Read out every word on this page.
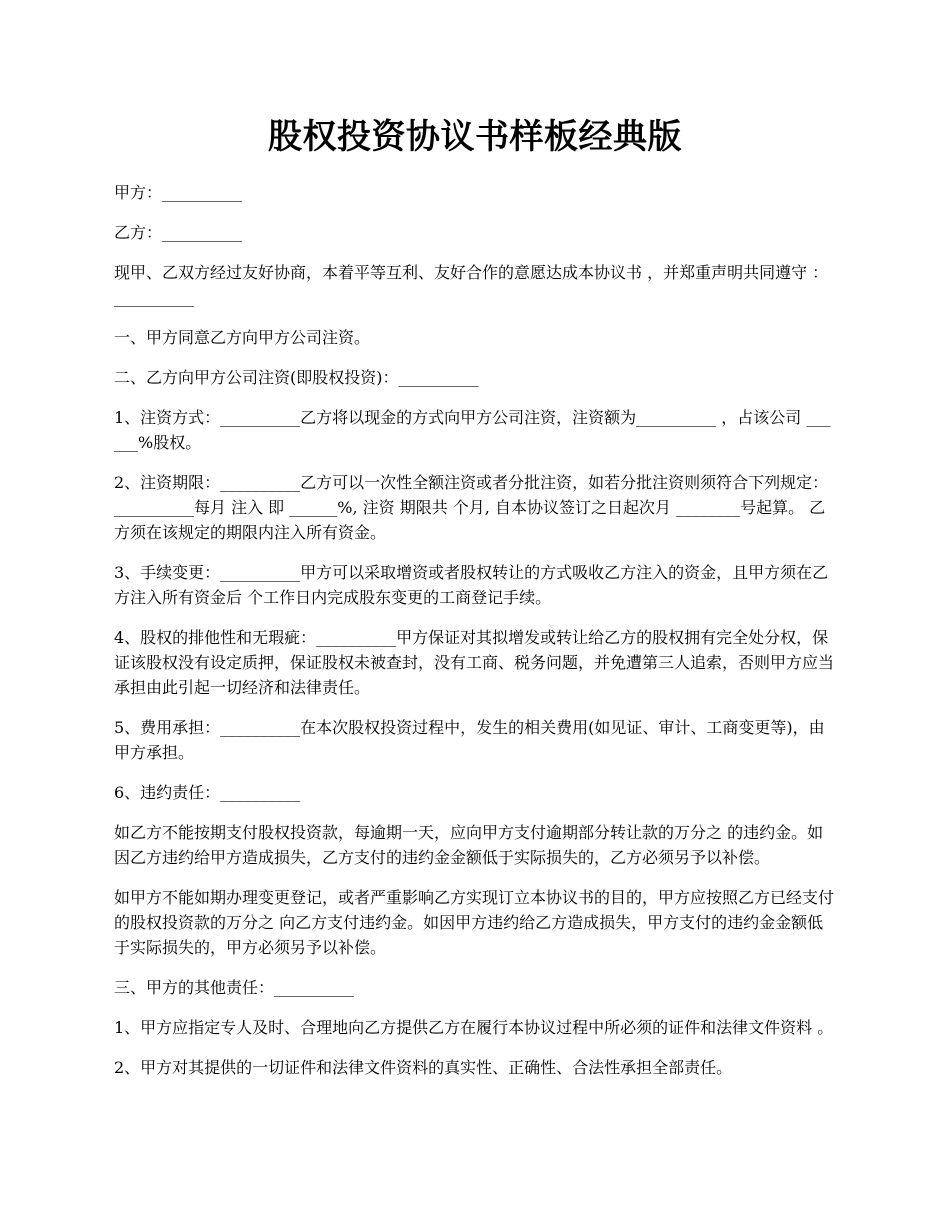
股权投资协议书样板经典版

甲方：__________

乙方：__________

现甲、乙双方经过友好协商，本着平等互利、友好合作的意愿达成本协议书 ，并郑重声明共同遵守 ：__________

一、甲方同意乙方向甲方公司注资。

二、乙方向甲方公司注资(即股权投资)：__________

1、注资方式：__________乙方将以现金的方式向甲方公司注资，注资额为__________ ，占该公司 ______%股权。

2、注资期限：__________乙方可以一次性全额注资或者分批注资，如若分批注资则须符合下列规定：__________每月 注入 即 ______%, 注资 期限共 个月, 自本协议签订之日起次月 ________号起算。 乙方须在该规定的期限内注入所有资金。

3、手续变更：__________甲方可以采取增资或者股权转让的方式吸收乙方注入的资金，且甲方须在乙方注入所有资金后 个工作日内完成股东变更的工商登记手续。

4、股权的排他性和无瑕疵：__________甲方保证对其拟增发或转让给乙方的股权拥有完全处分权，保证该股权没有设定质押，保证股权未被查封，没有工商、税务问题，并免遭第三人追索，否则甲方应当承担由此引起一切经济和法律责任。

5、费用承担：__________在本次股权投资过程中，发生的相关费用(如见证、审计、工商变更等)，由甲方承担。

6、违约责任：__________

如乙方不能按期支付股权投资款，每逾期一天，应向甲方支付逾期部分转让款的万分之 的违约金。如因乙方违约给甲方造成损失，乙方支付的违约金金额低于实际损失的，乙方必须另予以补偿。

如甲方不能如期办理变更登记，或者严重影响乙方实现订立本协议书的目的，甲方应按照乙方已经支付的股权投资款的万分之 向乙方支付违约金。如因甲方违约给乙方造成损失，甲方支付的违约金金额低于实际损失的，甲方必须另予以补偿。

三、甲方的其他责任：__________

1、甲方应指定专人及时、合理地向乙方提供乙方在履行本协议过程中所必须的证件和法律文件资料 。

2、甲方对其提供的一切证件和法律文件资料的真实性、正确性、合法性承担全部责任。
